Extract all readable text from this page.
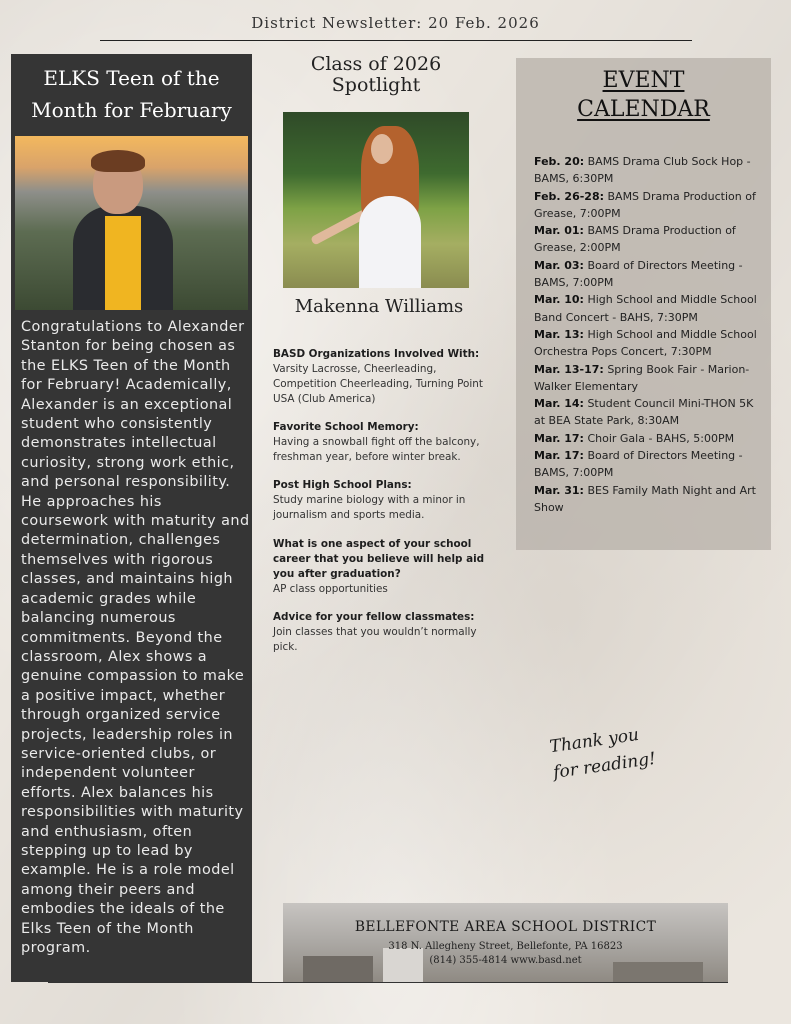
District Newsletter: 20 Feb. 2026
ELKS Teen of the
Month for February
Congratulations to Alexander Stanton for being chosen as the ELKS Teen of the Month for February! Academically, Alexander is an exceptional student who consistently demonstrates intellectual curiosity, strong work ethic, and personal responsibility. He approaches his coursework with maturity and determination, challenges themselves with rigorous classes, and maintains high academic grades while balancing numerous commitments. Beyond the classroom, Alex shows a genuine compassion to make a positive impact, whether through organized service projects, leadership roles in service-oriented clubs, or independent volunteer efforts. Alex balances his responsibilities with maturity and enthusiasm, often stepping up to lead by example. He is a role model among their peers and embodies the ideals of the Elks Teen of the Month program.
Class of 2026
Spotlight
Makenna Williams
BASD Organizations Involved With:
Varsity Lacrosse, Cheerleading, Competition Cheerleading, Turning Point USA (Club America)
Favorite School Memory:
Having a snowball fight off the balcony, freshman year, before winter break.
Post High School Plans:
Study marine biology with a minor in journalism and sports media.
What is one aspect of your school career that you believe will help aid you after graduation?
AP class opportunities
Advice for your fellow classmates:
Join classes that you wouldn’t normally pick.
EVENT
CALENDAR
Feb. 20: BAMS Drama Club Sock Hop - BAMS, 6:30PM
Feb. 26-28: BAMS Drama Production of Grease, 7:00PM
Mar. 01: BAMS Drama Production of Grease, 2:00PM
Mar. 03: Board of Directors Meeting - BAMS, 7:00PM
Mar. 10: High School and Middle School Band Concert - BAHS, 7:30PM
Mar. 13: High School and Middle School Orchestra Pops Concert, 7:30PM
Mar. 13-17: Spring Book Fair - Marion-Walker Elementary
Mar. 14: Student Council Mini-THON 5K at BEA State Park, 8:30AM
Mar. 17: Choir Gala - BAHS, 5:00PM
Mar. 17: Board of Directors Meeting - BAMS, 7:00PM
Mar. 31: BES Family Math Night and Art Show
Thank you
for reading!
BELLEFONTE AREA SCHOOL DISTRICT
318 N. Allegheny Street, Bellefonte, PA 16823
(814) 355-4814 www.basd.net
